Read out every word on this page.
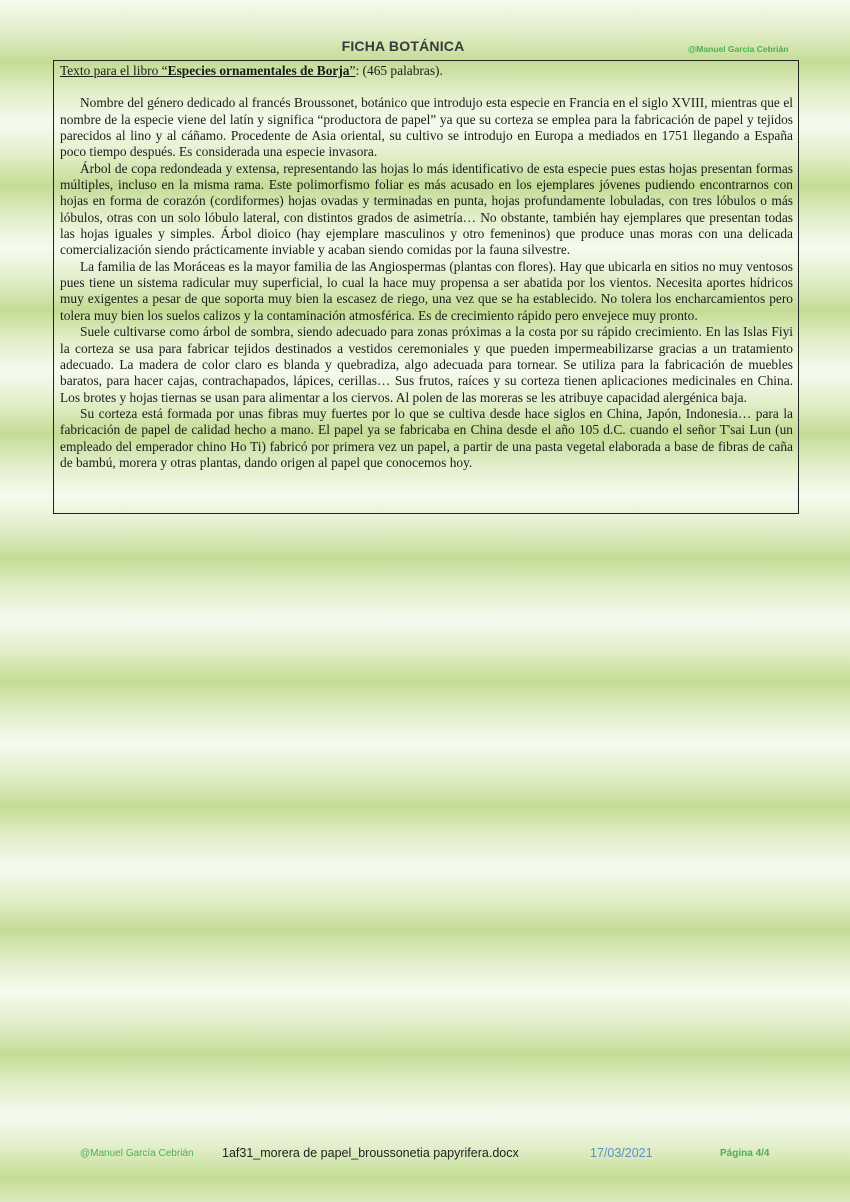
FICHA BOTÁNICA	@Manuel García Cebrián

Texto para el libro “Especies ornamentales de Borja”: (465 palabras).

Nombre del género dedicado al francés Broussonet, botánico que introdujo esta especie en Francia en el siglo XVIII, mientras que el nombre de la especie viene del latín y significa “productora de papel” ya que su corteza se emplea para la fabricación de papel y tejidos parecidos al lino y al cáñamo. Procedente de Asia oriental, su cultivo se introdujo en Europa a mediados en 1751 llegando a España poco tiempo después. Es considerada una especie invasora.

Árbol de copa redondeada y extensa, representando las hojas lo más identificativo de esta especie pues estas hojas presentan formas múltiples, incluso en la misma rama. Este polimorfismo foliar es más acusado en los ejemplares jóvenes pudiendo encontrarnos con hojas en forma de corazón (cordiformes) hojas ovadas y terminadas en punta, hojas profundamente lobuladas, con tres lóbulos o más lóbulos, otras con un solo lóbulo lateral, con distintos grados de asimetría… No obstante, también hay ejemplares que presentan todas las hojas iguales y simples. Árbol dioico (hay ejemplare masculinos y otro femeninos) que produce unas moras con una delicada comercialización siendo prácticamente inviable y acaban siendo comidas por la fauna silvestre.

La familia de las Moráceas es la mayor familia de las Angiospermas (plantas con flores). Hay que ubicarla en sitios no muy ventosos pues tiene un sistema radicular muy superficial, lo cual la hace muy propensa a ser abatida por los vientos. Necesita aportes hídricos muy exigentes a pesar de que soporta muy bien la escasez de riego, una vez que se ha establecido. No tolera los encharcamientos pero tolera muy bien los suelos calizos y la contaminación atmosférica. Es de crecimiento rápido pero envejece muy pronto.

Suele cultivarse como árbol de sombra, siendo adecuado para zonas próximas a la costa por su rápido crecimiento. En las Islas Fiyi la corteza se usa para fabricar tejidos destinados a vestidos ceremoniales y que pueden impermeabilizarse gracias a un tratamiento adecuado. La madera de color claro es blanda y quebradiza, algo adecuada para tornear. Se utiliza para la fabricación de muebles baratos, para hacer cajas, contrachapados, lápices, cerillas… Sus frutos, raíces y su corteza tienen aplicaciones medicinales en China. Los brotes y hojas tiernas se usan para alimentar a los ciervos. Al polen de las moreras se les atribuye capacidad alergénica baja.

Su corteza está formada por unas fibras muy fuertes por lo que se cultiva desde hace siglos en China, Japón, Indonesia… para la fabricación de papel de calidad hecho a mano. El papel ya se fabricaba en China desde el año 105 d.C. cuando el señor T'sai Lun (un empleado del emperador chino Ho Ti) fabricó por primera vez un papel, a partir de una pasta vegetal elaborada a base de fibras de caña de bambú, morera y otras plantas, dando origen al papel que conocemos hoy.

@Manuel García Cebrián 1af31_morera de papel_broussonetia papyrifera.docx	17/03/2021	Página 4/4
